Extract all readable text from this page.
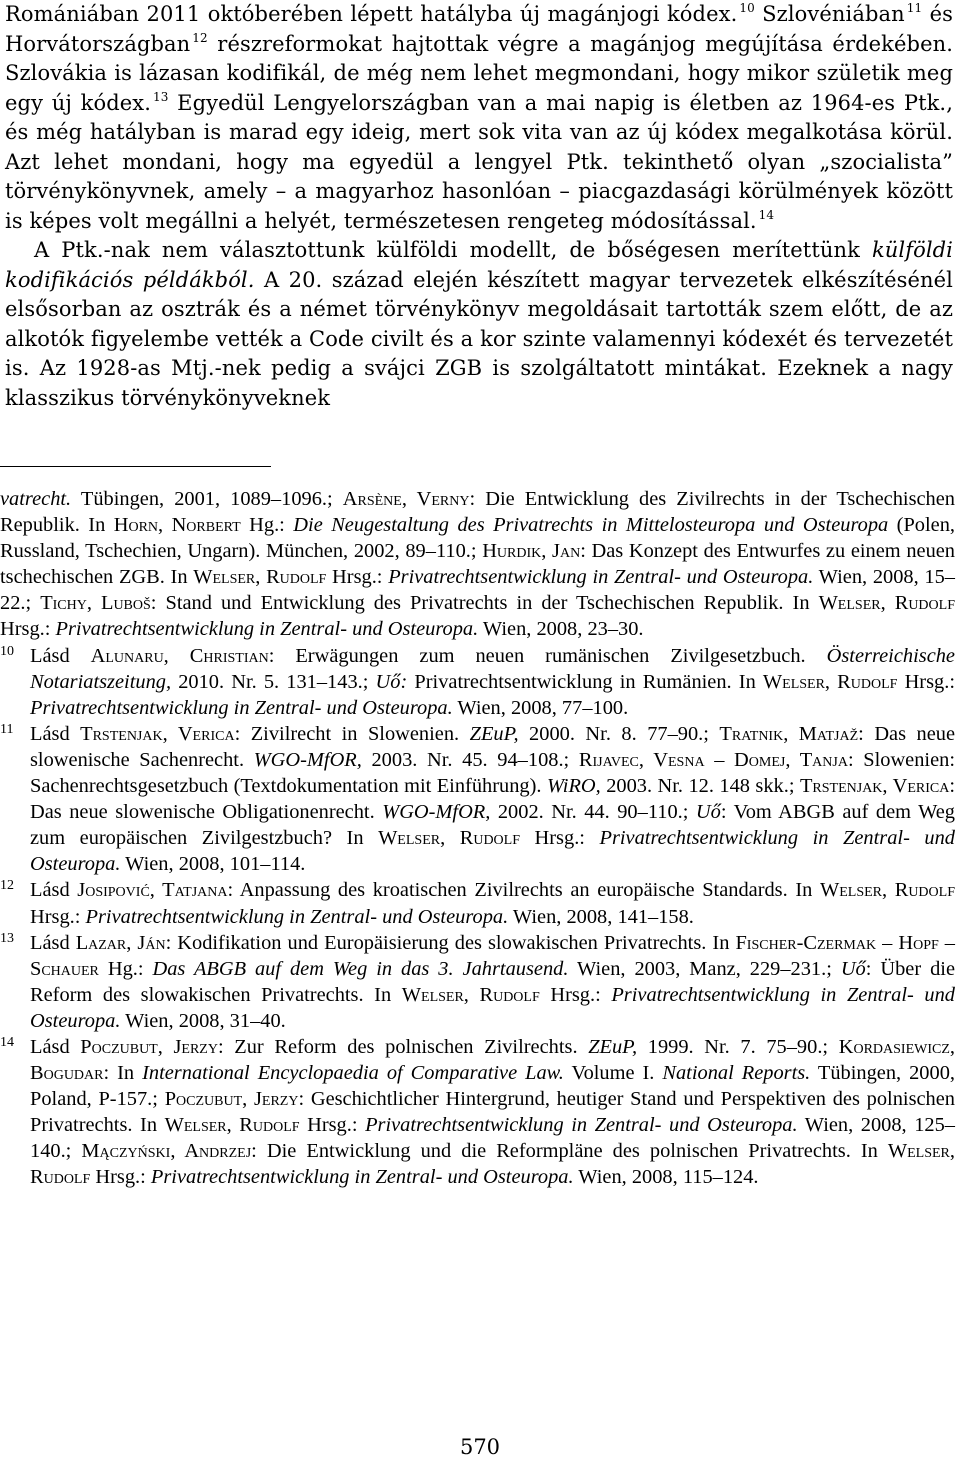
Romániában 2011 októberében lépett hatályba új magánjogi kódex. $^{10}$ Szlovéniában $^{11}$ és Horvátországban $^{12}$ részreformokat hajtottak végre a magánjog megújítása érdekében. Szlovákia is lázasan kodifikál, de még nem lehet megmondani, hogy mikor születik meg egy új kódex. $^{13}$ Egyedül Lengyelországban van a mai napig is életben az 1964-es Ptk., és még hatályban is marad egy ideig, mert sok vita van az új kódex megalkotása körül. Azt lehet mondani, hogy ma egyedül a lengyel Ptk. tekinthető olyan „szocialista” törvénykönyvnek, amely – a magyarhoz hasonlóan – piacgazdasági körülmények között is képes volt megállni a helyét, természetesen rengeteg módosítással. $^{14}$

A Ptk.-nak nem választottunk külföldi modellt, de bőségesen merítettünk külföldi kodifikációs példákból. A 20. század elején készített magyar tervezetek elkészítésénél elsősorban az osztrák és a német törvénykönyv megoldásait tartották szem előtt, de az alkotók figyelembe vették a Code civilt és a kor szinte valamennyi kódexét és tervezetét is. Az 1928-as Mtj.-nek pedig a svájci ZGB is szolgáltatott mintákat. Ezeknek a nagy klasszikus törvénykönyveknek

vatrecht. Tübingen, 2001, 1089–1096.; Arsène, Verny: Die Entwicklung des Zivilrechts in der Tschechischen Republik. In Horn, Norbert Hg.: Die Neugestaltung des Privatrechts in Mittelosteuropa und Osteuropa (Polen, Russland, Tschechien, Ungarn). München, 2002, 89–110.; Hurdik, Jan: Das Konzept des Entwurfes zu einem neuen tschechischen ZGB. In Welser, Rudolf Hrsg.: Privatrechtsentwicklung in Zentral- und Osteuropa. Wien, 2008, 15–22.; Tichy, Luboš: Stand und Entwicklung des Privatrechts in der Tschechischen Republik. In Welser, Rudolf Hrsg.: Privatrechtsentwicklung in Zentral- und Osteuropa. Wien, 2008, 23–30.

10 Lásd Alunaru, Christian: Erwägungen zum neuen rumänischen Zivilgesetzbuch. Österreichische Notariatszeitung, 2010. Nr. 5. 131–143.; Uő: Privatrechtsentwicklung in Rumänien. In Welser, Rudolf Hrsg.: Privatrechtsentwicklung in Zentral- und Osteuropa. Wien, 2008, 77–100.

11 Lásd Trstenjak, Verica: Zivilrecht in Slowenien. ZEuP, 2000. Nr. 8. 77–90.; Tratnik, Matjaž: Das neue slowenische Sachenrecht. WGO-MfOR, 2003. Nr. 45. 94–108.; Rijavec, Vesna – Domej, Tanja: Slowenien: Sachenrechtsgesetzbuch (Textdokumentation mit Einführung). WiRO, 2003. Nr. 12. 148 skk.; Trstenjak, Verica: Das neue slowenische Obligationenrecht. WGO-MfOR, 2002. Nr. 44. 90–110.; Uő: Vom ABGB auf dem Weg zum europäischen Zivilgestzbuch? In Welser, Rudolf Hrsg.: Privatrechtsentwicklung in Zentral- und Osteuropa. Wien, 2008, 101–114.

12 Lásd Josipović, Tatjana: Anpassung des kroatischen Zivilrechts an europäische Standards. In Welser, Rudolf Hrsg.: Privatrechtsentwicklung in Zentral- und Osteuropa. Wien, 2008, 141–158.

13 Lásd Lazar, Ján: Kodifikation und Europäisierung des slowakischen Privatrechts. In Fischer-Czermak – Hopf – Schauer Hg.: Das ABGB auf dem Weg in das 3. Jahrtausend. Wien, 2003, Manz, 229–231.; Uő: Über die Reform des slowakischen Privatrechts. In Welser, Rudolf Hrsg.: Privatrechtsentwicklung in Zentral- und Osteuropa. Wien, 2008, 31–40.

14 Lásd Poczubut, Jerzy: Zur Reform des polnischen Zivilrechts. ZEuP, 1999. Nr. 7. 75–90.; Kordasiewicz, Bogudar: In International Encyclopaedia of Comparative Law. Volume I. National Reports. Tübingen, 2000, Poland, P-157.; Poczubut, Jerzy: Geschichtlicher Hintergrund, heutiger Stand und Perspektiven des polnischen Privatrechts. In Welser, Rudolf Hrsg.: Privatrechtsentwicklung in Zentral- und Osteuropa. Wien, 2008, 125–140.; Mączyński, Andrzej: Die Entwicklung und die Reformpläne des polnischen Privatrechts. In Welser, Rudolf Hrsg.: Privatrechtsentwicklung in Zentral- und Osteuropa. Wien, 2008, 115–124.

570
